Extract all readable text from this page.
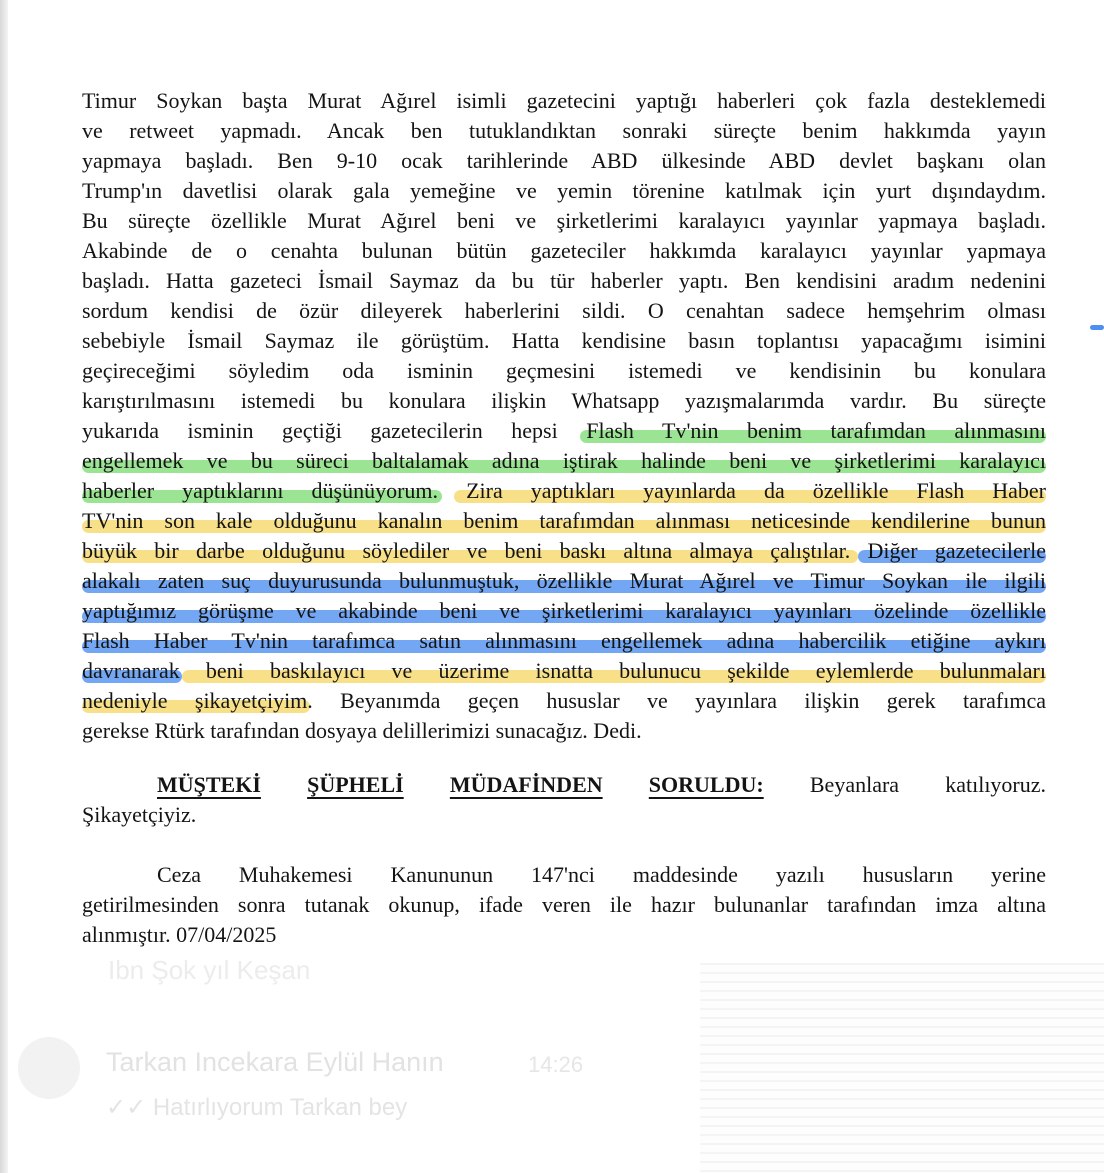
Timur Soykan başta Murat Ağırel isimli gazetecini yaptığı haberleri çok fazla desteklemedi
ve retweet yapmadı. Ancak ben tutuklandıktan sonraki süreçte benim hakkımda yayın
yapmaya başladı. Ben 9-10 ocak tarihlerinde ABD ülkesinde ABD devlet başkanı olan
Trump'ın davetlisi olarak gala yemeğine ve yemin törenine katılmak için yurt dışındaydım.
Bu süreçte özellikle Murat Ağırel beni ve şirketlerimi karalayıcı yayınlar yapmaya başladı.
Akabinde de o cenahta bulunan bütün gazeteciler hakkımda karalayıcı yayınlar yapmaya
başladı. Hatta gazeteci İsmail Saymaz da bu tür haberler yaptı. Ben kendisini aradım nedenini
sordum kendisi de özür dileyerek haberlerini sildi. O cenahtan sadece hemşehrim olması
sebebiyle İsmail Saymaz ile görüştüm. Hatta kendisine basın toplantısı yapacağımı isimini
geçireceğimi söyledim oda isminin geçmesini istemedi ve kendisinin bu konulara
karıştırılmasını istemedi bu konulara ilişkin Whatsapp yazışmalarımda vardır. Bu süreçte
yukarıda isminin geçtiği gazetecilerin hepsi Flash Tv'nin benim tarafımdan alınmasını
engellemek ve bu süreci baltalamak adına iştirak halinde beni ve şirketlerimi karalayıcı
haberler yaptıklarını düşünüyorum. Zira yaptıkları yayınlarda da özellikle Flash Haber
TV'nin son kale olduğunu kanalın benim tarafımdan alınması neticesinde kendilerine bunun
büyük bir darbe olduğunu söylediler ve beni baskı altına almaya çalıştılar. Diğer gazetecilerle
alakalı zaten suç duyurusunda bulunmuştuk, özellikle Murat Ağırel ve Timur Soykan ile ilgili
yaptığımız görüşme ve akabinde beni ve şirketlerimi karalayıcı yayınları özelinde özellikle
Flash Haber Tv'nin tarafımca satın alınmasını engellemek adına habercilik etiğine aykırı
davranarak beni baskılayıcı ve üzerime isnatta bulunucu şekilde eylemlerde bulunmaları
nedeniyle şikayetçiyim. Beyanımda geçen hususlar ve yayınlara ilişkin gerek tarafımca
gerekse Rtürk tarafından dosyaya delillerimizi sunacağız. Dedi.
MÜŞTEKİ ŞÜPHELİ MÜDAFİNDEN SORULDU: Beyanlara katılıyoruz.
Şikayetçiyiz.
Ceza Muhakemesi Kanununun 147'nci maddesinde yazılı hususların yerine
getirilmesinden sonra tutanak okunup, ifade veren ile hazır bulunanlar tarafından imza altına
alınmıştır. 07/04/2025
Ibn Şok yıl Keşan
Tarkan Incekara Eylül Hanın	14:26
✓✓ Hatırlıyorum Tarkan bey
